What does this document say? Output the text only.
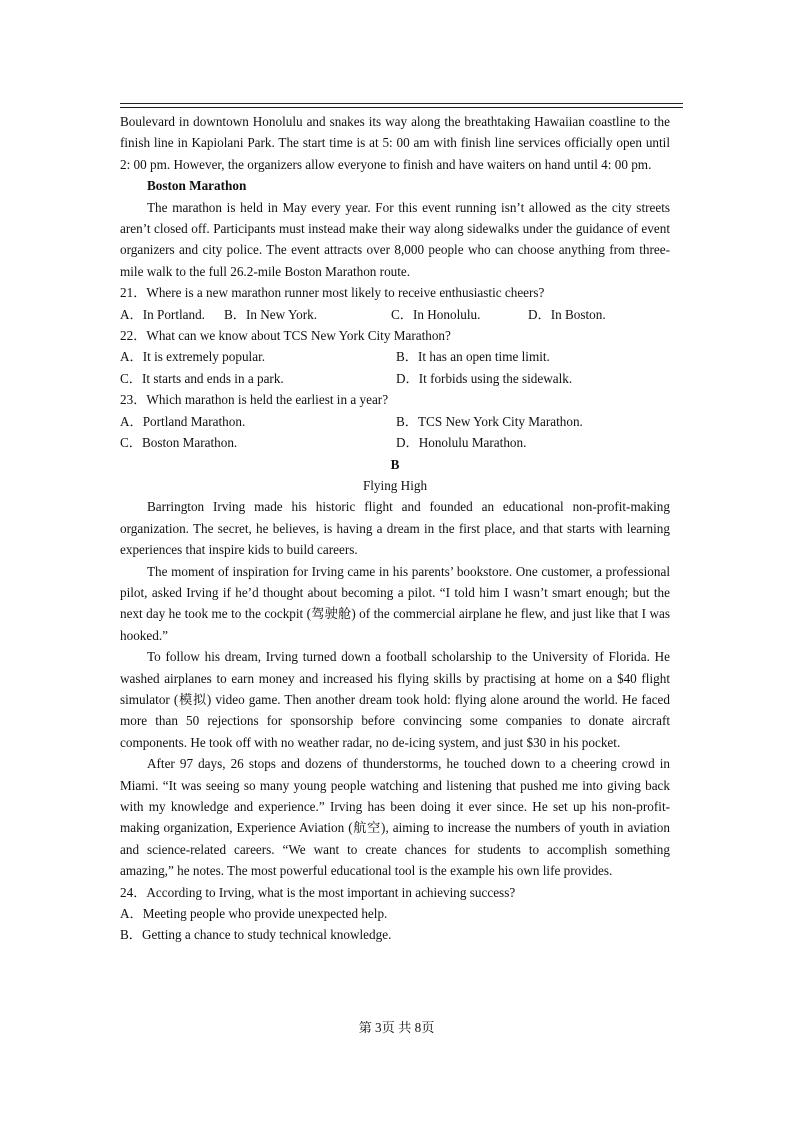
Boulevard in downtown Honolulu and snakes its way along the breathtaking Hawaiian coastline to the finish line in Kapiolani Park. The start time is at 5: 00 am with finish line services officially open until 2: 00 pm. However, the organizers allow everyone to finish and have waiters on hand until 4: 00 pm.

Boston Marathon

The marathon is held in May every year. For this event running isn’t allowed as the city streets aren’t closed off. Participants must instead make their way along sidewalks under the guidance of event organizers and city police. The event attracts over 8,000 people who can choose anything from three-mile walk to the full 26.2-mile Boston Marathon route.

21．Where is a new marathon runner most likely to receive enthusiastic cheers?
A．In Portland.	B．In New York.	C．In Honolulu.	D．In Boston.
22．What can we know about TCS New York City Marathon?
A．It is extremely popular.	B．It has an open time limit.
C．It starts and ends in a park.	D．It forbids using the sidewalk.
23．Which marathon is held the earliest in a year?
A．Portland Marathon.	B．TCS New York City Marathon.
C．Boston Marathon.	D．Honolulu Marathon.
B
Flying High

Barrington Irving made his historic flight and founded an educational non-profit-making organization. The secret, he believes, is having a dream in the first place, and that starts with learning experiences that inspire kids to build careers.

The moment of inspiration for Irving came in his parents’ bookstore. One customer, a professional pilot, asked Irving if he’d thought about becoming a pilot. “I told him I wasn’t smart enough; but the next day he took me to the cockpit (驾驶舱) of the commercial airplane he flew, and just like that I was hooked.”

To follow his dream, Irving turned down a football scholarship to the University of Florida. He washed airplanes to earn money and increased his flying skills by practising at home on a $40 flight simulator (模拟) video game. Then another dream took hold: flying alone around the world. He faced more than 50 rejections for sponsorship before convincing some companies to donate aircraft components. He took off with no weather radar, no de-icing system, and just $30 in his pocket.

After 97 days, 26 stops and dozens of thunderstorms, he touched down to a cheering crowd in Miami. “It was seeing so many young people watching and listening that pushed me into giving back with my knowledge and experience.” Irving has been doing it ever since. He set up his non-profit-making organization, Experience Aviation (航空), aiming to increase the numbers of youth in aviation and science-related careers. “We want to create chances for students to accomplish something amazing,” he notes. The most powerful educational tool is the example his own life provides.

24．According to Irving, what is the most important in achieving success?
A．Meeting people who provide unexpected help.
B．Getting a chance to study technical knowledge.
第 3页 共 8页
